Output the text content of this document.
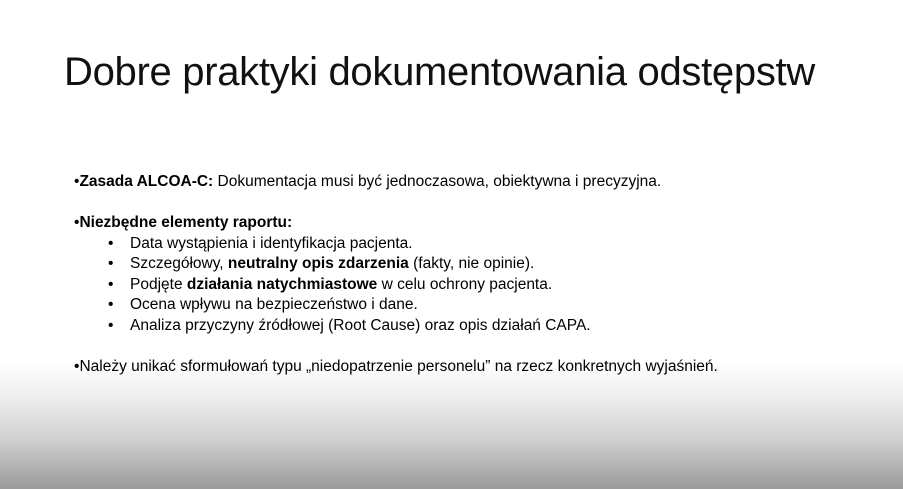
Dobre praktyki dokumentowania odstępstw

• Zasada ALCOA-C: Dokumentacja musi być jednoczasowa, obiektywna i precyzyjna.

• Niezbędne elementy raportu:

• Data wystąpienia i identyfikacja pacjenta.
• Szczegółowy, neutralny opis zdarzenia (fakty, nie opinie).
• Podjęte działania natychmiastowe w celu ochrony pacjenta.
• Ocena wpływu na bezpieczeństwo i dane.
• Analiza przyczyny źródłowej (Root Cause) oraz opis działań CAPA.

• Należy unikać sformułowań typu „niedopatrzenie personelu” na rzecz konkretnych wyjaśnień.
